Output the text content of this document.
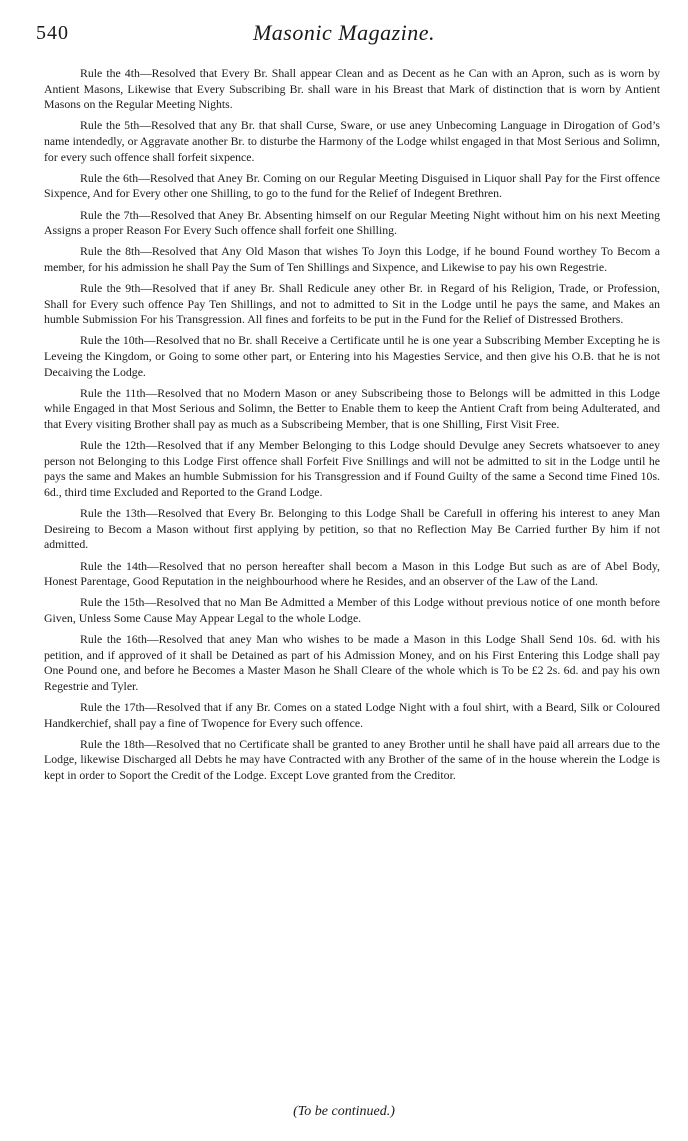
540	Masonic Magazine.

Rule the 4th—Resolved that Every Br. Shall appear Clean and as Decent as he Can with an Apron, such as is worn by Antient Masons, Likewise that Every Subscribing Br. shall ware in his Breast that Mark of distinction that is worn by Antient Masons on the Regular Meeting Nights.

Rule the 5th—Resolved that any Br. that shall Curse, Sware, or use aney Unbecoming Language in Dirogation of God’s name intendedly, or Aggravate another Br. to disturbe the Harmony of the Lodge whilst engaged in that Most Serious and Solimn, for every such offence shall forfeit sixpence.

Rule the 6th—Resolved that Aney Br. Coming on our Regular Meeting Disguised in Liquor shall Pay for the First offence Sixpence, And for Every other one Shilling, to go to the fund for the Relief of Indegent Brethren.

Rule the 7th—Resolved that Aney Br. Absenting himself on our Regular Meeting Night without him on his next Meeting Assigns a proper Reason For Every Such offence shall forfeit one Shilling.

Rule the 8th—Resolved that Any Old Mason that wishes To Joyn this Lodge, if he bound Found worthey To Becom a member, for his admission he shall Pay the Sum of Ten Shillings and Sixpence, and Likewise to pay his own Regestrie.

Rule the 9th—Resolved that if aney Br. Shall Redicule aney other Br. in Regard of his Religion, Trade, or Profession, Shall for Every such offence Pay Ten Shillings, and not to admitted to Sit in the Lodge until he pays the same, and Makes an humble Submission For his Transgression. All fines and forfeits to be put in the Fund for the Relief of Distressed Brothers.

Rule the 10th—Resolved that no Br. shall Receive a Certificate until he is one year a Subscribing Member Excepting he is Leveing the Kingdom, or Going to some other part, or Entering into his Magesties Service, and then give his O.B. that he is not Decaiving the Lodge.

Rule the 11th—Resolved that no Modern Mason or aney Subscribeing those to Belongs will be admitted in this Lodge while Engaged in that Most Serious and Solimn, the Better to Enable them to keep the Antient Craft from being Adulterated, and that Every visiting Brother shall pay as much as a Subscribeing Member, that is one Shilling, First Visit Free.

Rule the 12th—Resolved that if any Member Belonging to this Lodge should Devulge aney Secrets whatsoever to aney person not Belonging to this Lodge First offence shall Forfeit Five Snillings and will not be admitted to sit in the Lodge until he pays the same and Makes an humble Submission for his Transgression and if Found Guilty of the same a Second time Fined 10s. 6d., third time Excluded and Reported to the Grand Lodge.

Rule the 13th—Resolved that Every Br. Belonging to this Lodge Shall be Carefull in offering his interest to aney Man Desireing to Becom a Mason without first applying by petition, so that no Reflection May Be Carried further By him if not admitted.

Rule the 14th—Resolved that no person hereafter shall becom a Mason in this Lodge But such as are of Abel Body, Honest Parentage, Good Reputation in the neighbourhood where he Resides, and an observer of the Law of the Land.

Rule the 15th—Resolved that no Man Be Admitted a Member of this Lodge without previous notice of one month before Given, Unless Some Cause May Appear Legal to the whole Lodge.

Rule the 16th—Resolved that aney Man who wishes to be made a Mason in this Lodge Shall Send 10s. 6d. with his petition, and if approved of it shall be Detained as part of his Admission Money, and on his First Entering this Lodge shall pay One Pound one, and before he Becomes a Master Mason he Shall Cleare of the whole which is To be £2 2s. 6d. and pay his own Regestrie and Tyler.

Rule the 17th—Resolved that if any Br. Comes on a stated Lodge Night with a foul shirt, with a Beard, Silk or Coloured Handkerchief, shall pay a fine of Twopence for Every such offence.

Rule the 18th—Resolved that no Certificate shall be granted to aney Brother until he shall have paid all arrears due to the Lodge, likewise Discharged all Debts he may have Contracted with any Brother of the same of in the house wherein the Lodge is kept in order to Soport the Credit of the Lodge. Except Love granted from the Creditor.

(To be continued.)
